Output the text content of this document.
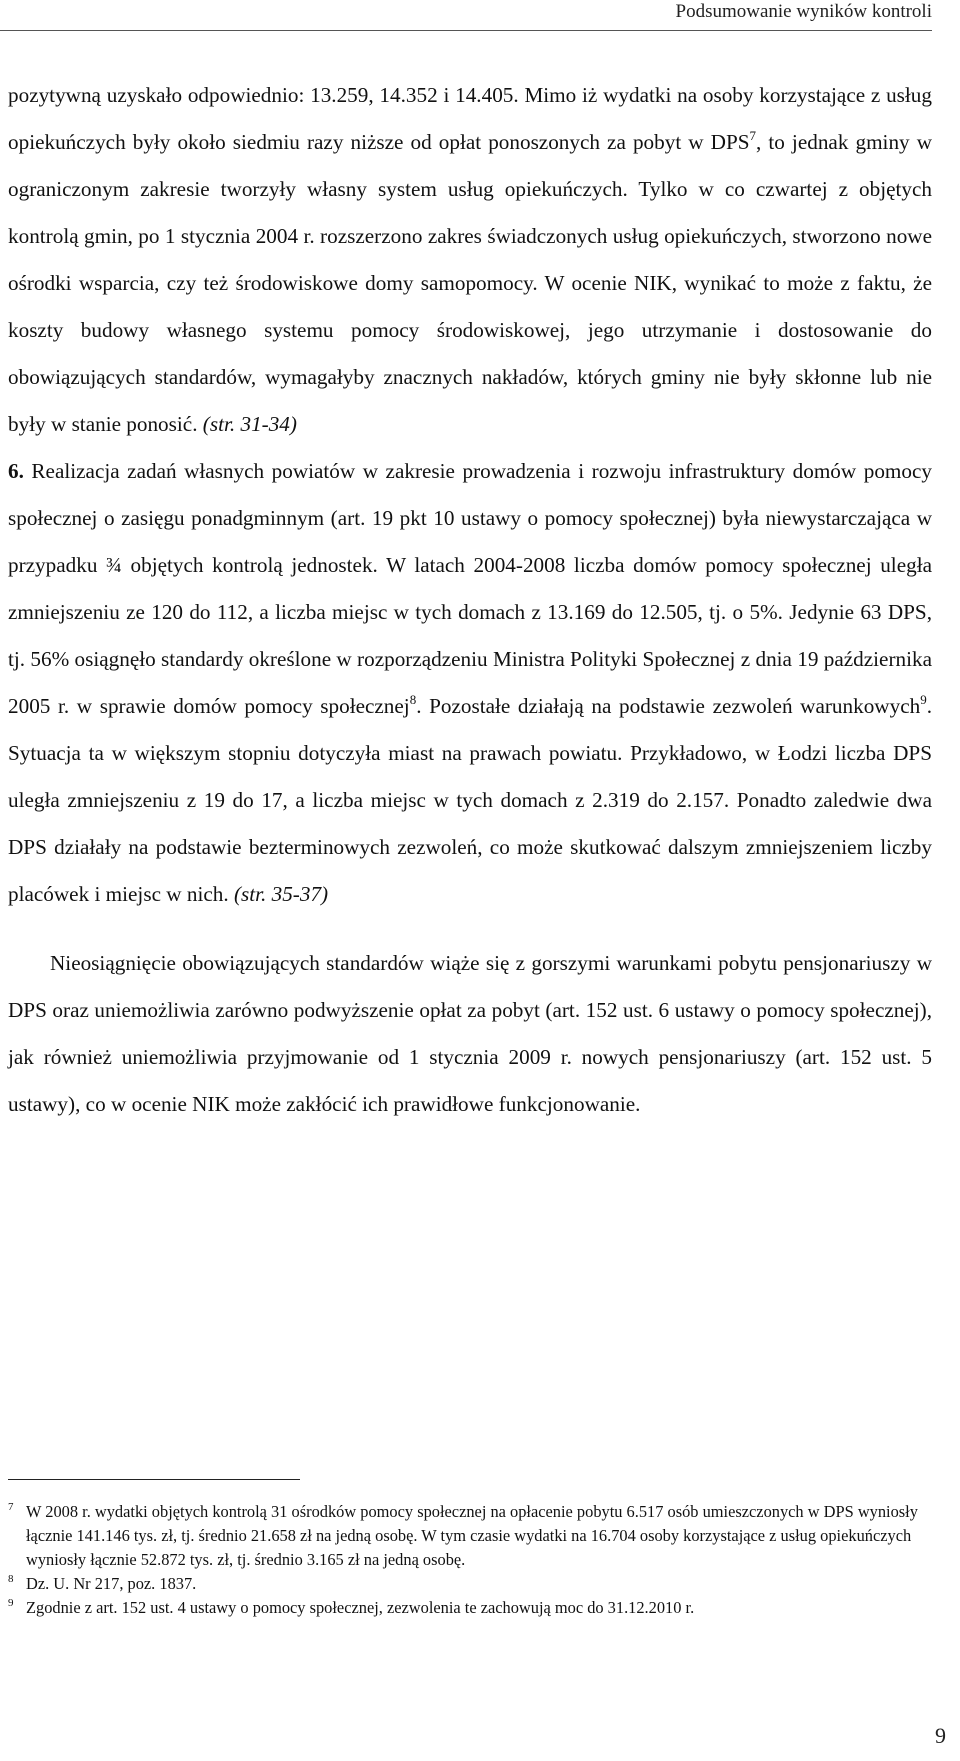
Podsumowanie wyników kontroli

pozytywną uzyskało odpowiednio: 13.259, 14.352 i 14.405. Mimo iż wydatki na osoby korzystające z usług opiekuńczych były około siedmiu razy niższe od opłat ponoszonych za pobyt w DPS$^7$, to jednak gminy w ograniczonym zakresie tworzyły własny system usług opiekuńczych. Tylko w co czwartej z objętych kontrolą gmin, po 1 stycznia 2004 r. rozszerzono zakres świadczonych usług opiekuńczych, stworzono nowe ośrodki wsparcia, czy też środowiskowe domy samopomocy. W ocenie NIK, wynikać to może z faktu, że koszty budowy własnego systemu pomocy środowiskowej, jego utrzymanie i dostosowanie do obowiązujących standardów, wymagałyby znacznych nakładów, których gminy nie były skłonne lub nie były w stanie ponosić. (str. 31-34)

6. Realizacja zadań własnych powiatów w zakresie prowadzenia i rozwoju infrastruktury domów pomocy społecznej o zasięgu ponadgminnym (art. 19 pkt 10 ustawy o pomocy społecznej) była niewystarczająca w przypadku ¾ objętych kontrolą jednostek. W latach 2004-2008 liczba domów pomocy społecznej uległa zmniejszeniu ze 120 do 112, a liczba miejsc w tych domach z 13.169 do 12.505, tj. o 5%. Jedynie 63 DPS, tj. 56% osiągnęło standardy określone w rozporządzeniu Ministra Polityki Społecznej z dnia 19 października 2005 r. w sprawie domów pomocy społecznej$^8$. Pozostałe działają na podstawie zezwoleń warunkowych$^9$. Sytuacja ta w większym stopniu dotyczyła miast na prawach powiatu. Przykładowo, w Łodzi liczba DPS uległa zmniejszeniu z 19 do 17, a liczba miejsc w tych domach z 2.319 do 2.157. Ponadto zaledwie dwa DPS działały na podstawie bezterminowych zezwoleń, co może skutkować dalszym zmniejszeniem liczby placówek i miejsc w nich. (str. 35-37)

Nieosiągnięcie obowiązujących standardów wiąże się z gorszymi warunkami pobytu pensjonariuszy w DPS oraz uniemożliwia zarówno podwyższenie opłat za pobyt (art. 152 ust. 6 ustawy o pomocy społecznej), jak również uniemożliwia przyjmowanie od 1 stycznia 2009 r. nowych pensjonariuszy (art. 152 ust. 5 ustawy), co w ocenie NIK może zakłócić ich prawidłowe funkcjonowanie.

7 W 2008 r. wydatki objętych kontrolą 31 ośrodków pomocy społecznej na opłacenie pobytu 6.517 osób umieszczonych w DPS wyniosły łącznie 141.146 tys. zł, tj. średnio 21.658 zł na jedną osobę. W tym czasie wydatki na 16.704 osoby korzystające z usług opiekuńczych wyniosły łącznie 52.872 tys. zł, tj. średnio 3.165 zł na jedną osobę.

8 Dz. U. Nr 217, poz. 1837.

9 Zgodnie z art. 152 ust. 4 ustawy o pomocy społecznej, zezwolenia te zachowują moc do 31.12.2010 r.

9
